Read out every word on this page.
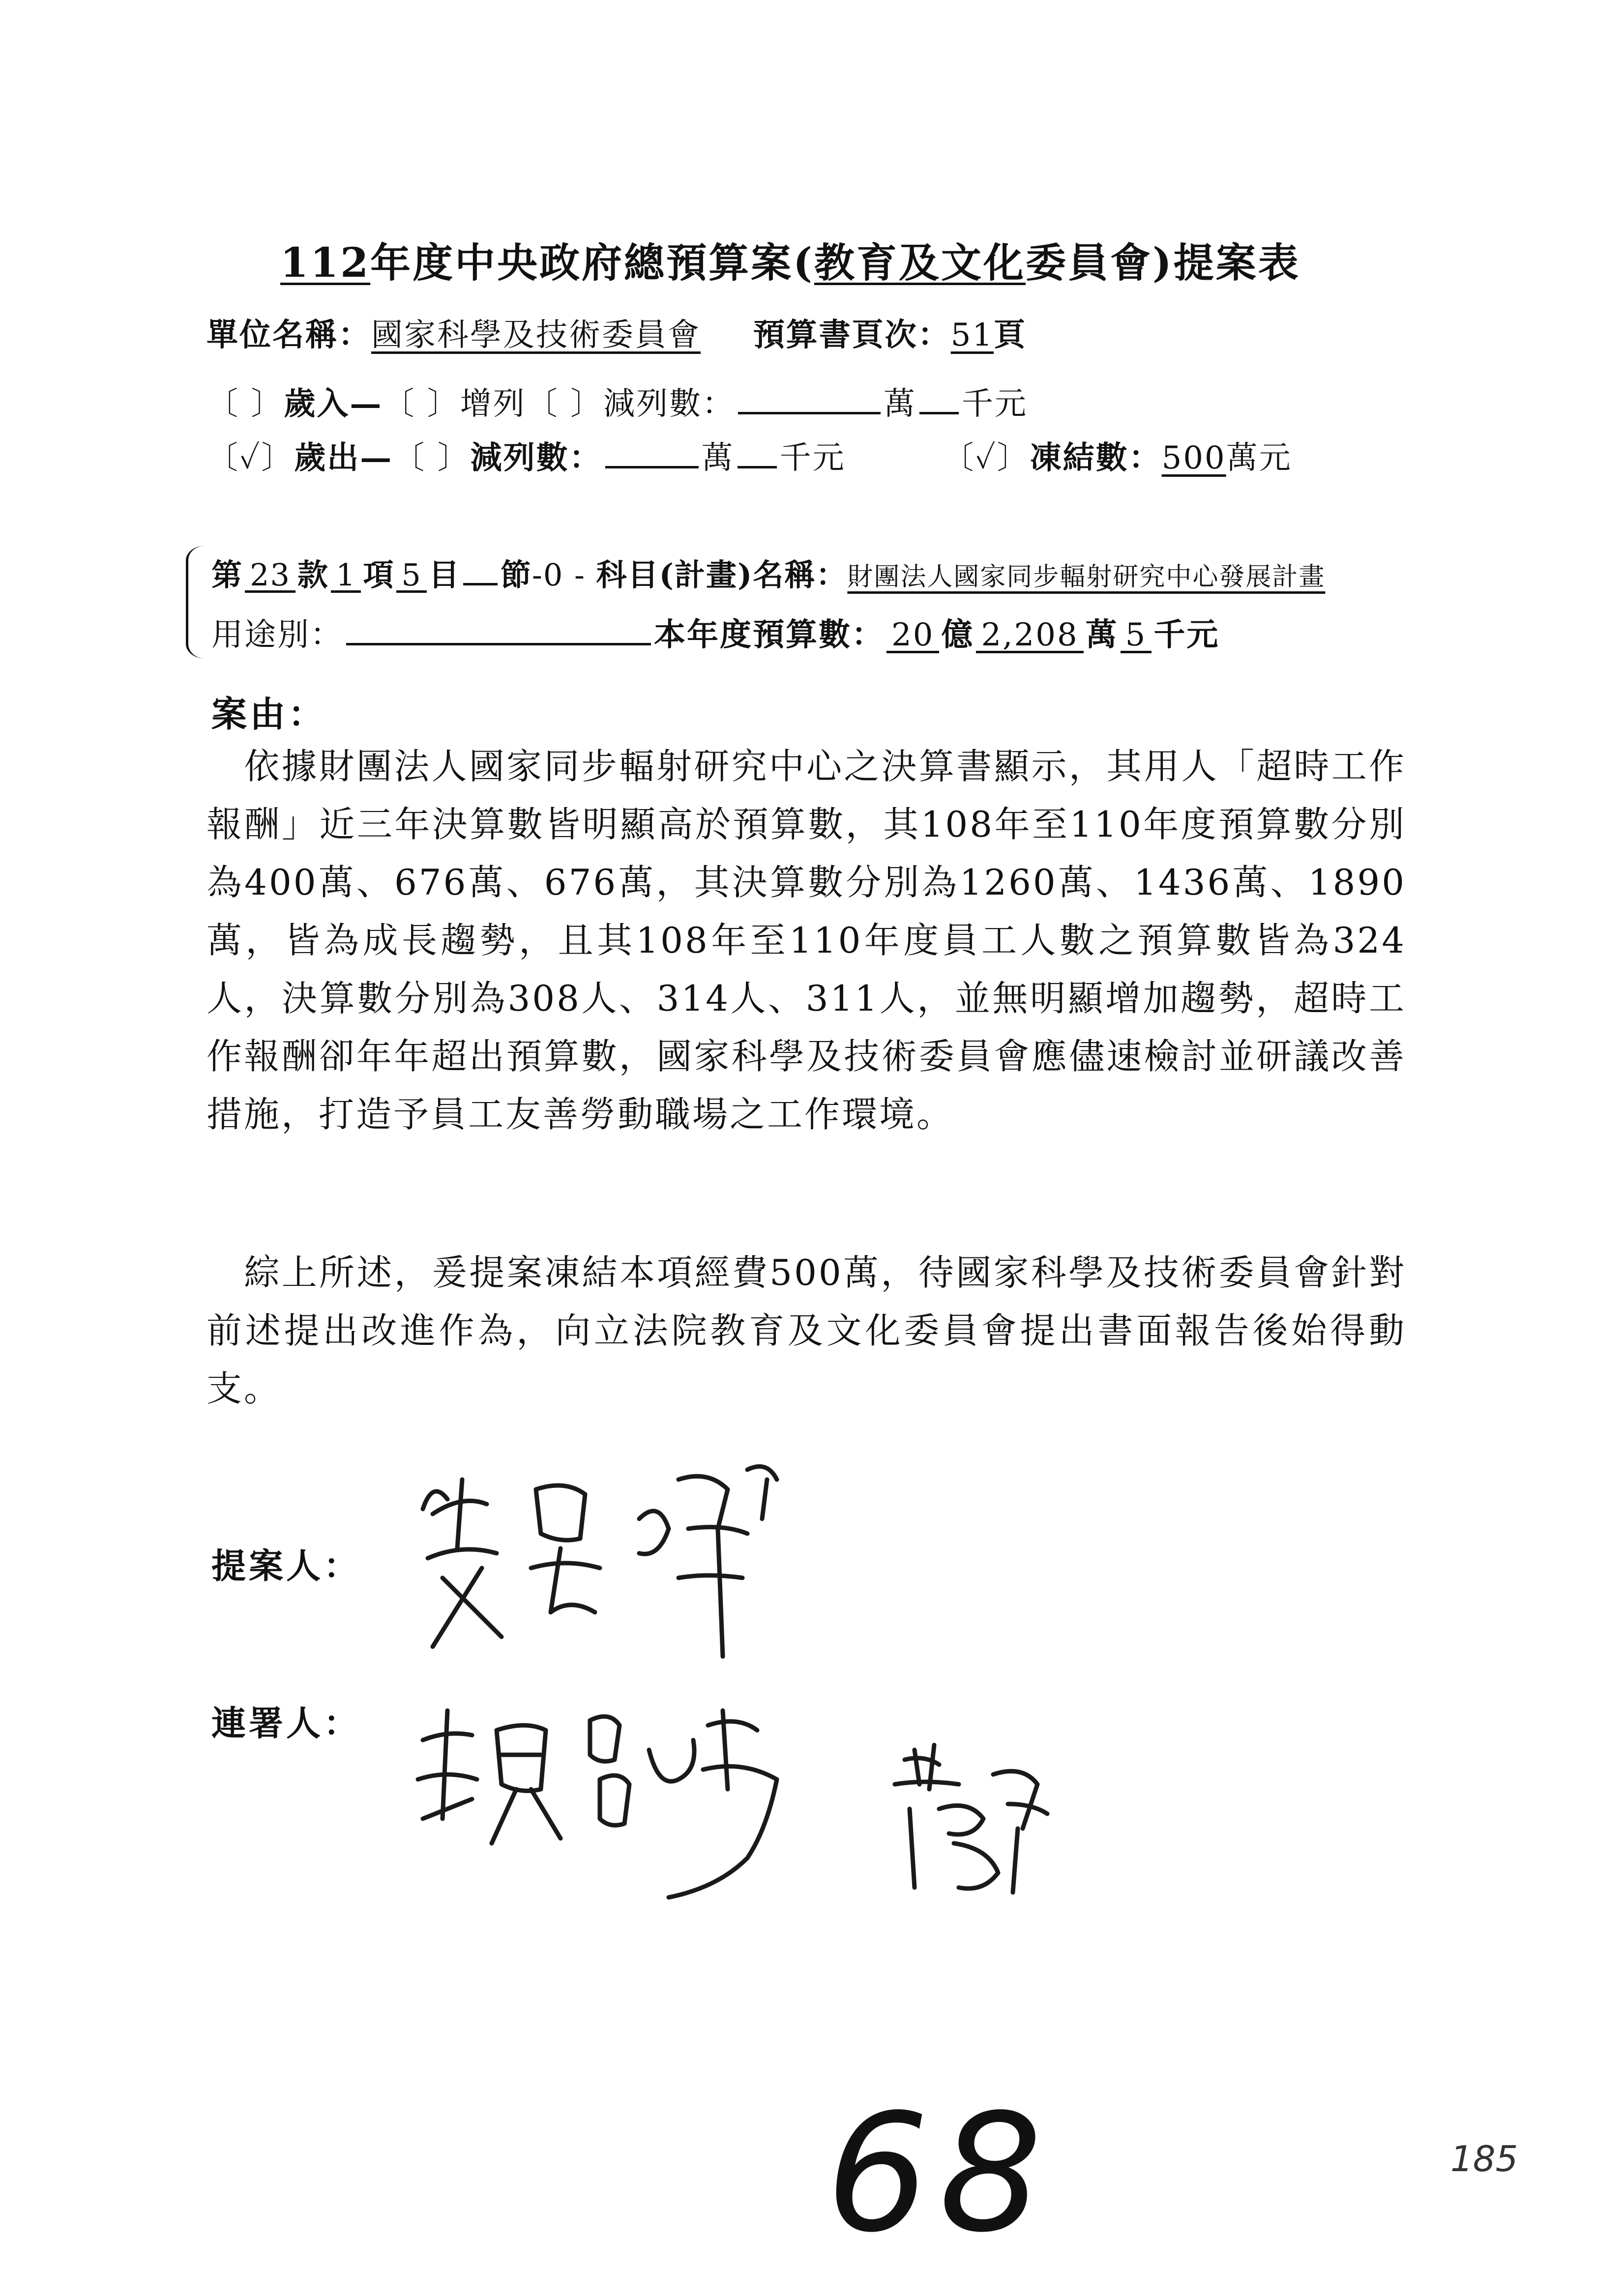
112年度中央政府總預算案(教育及文化委員會)提案表
單位名稱：國家科學及技術委員會 預算書頁次：51頁
〔 〕歲入—〔 〕增列〔 〕減列數：	萬 千元
〔✓〕歲出—〔 〕減列數：	萬 千元	〔✓〕凍結數：500萬元
第 23 款 1 項 5 目 節-0 - 科目(計畫)名稱：財團法人國家同步輻射研究中心發展計畫
用途別：	本年度預算數： 20 億 2,208 萬 5 千元
案由：
　依據財團法人國家同步輻射研究中心之決算書顯示，其用人「超時工作報酬」近三年決算數皆明顯高於預算數，其108年至110年度預算數分別為400萬、676萬、676萬，其決算數分別為1260萬、1436萬、1890萬，皆為成長趨勢，且其108年至110年度員工人數之預算數皆為324人，決算數分別為308人、314人、311人，並無明顯增加趨勢，超時工作報酬卻年年超出預算數，國家科學及技術委員會應儘速檢討並研議改善措施，打造予員工友善勞動職場之工作環境。
　綜上所述，爰提案凍結本項經費500萬，待國家科學及技術委員會針對前述提出改進作為，向立法院教育及文化委員會提出書面報告後始得動支。
提案人：
連署人：
68	185
